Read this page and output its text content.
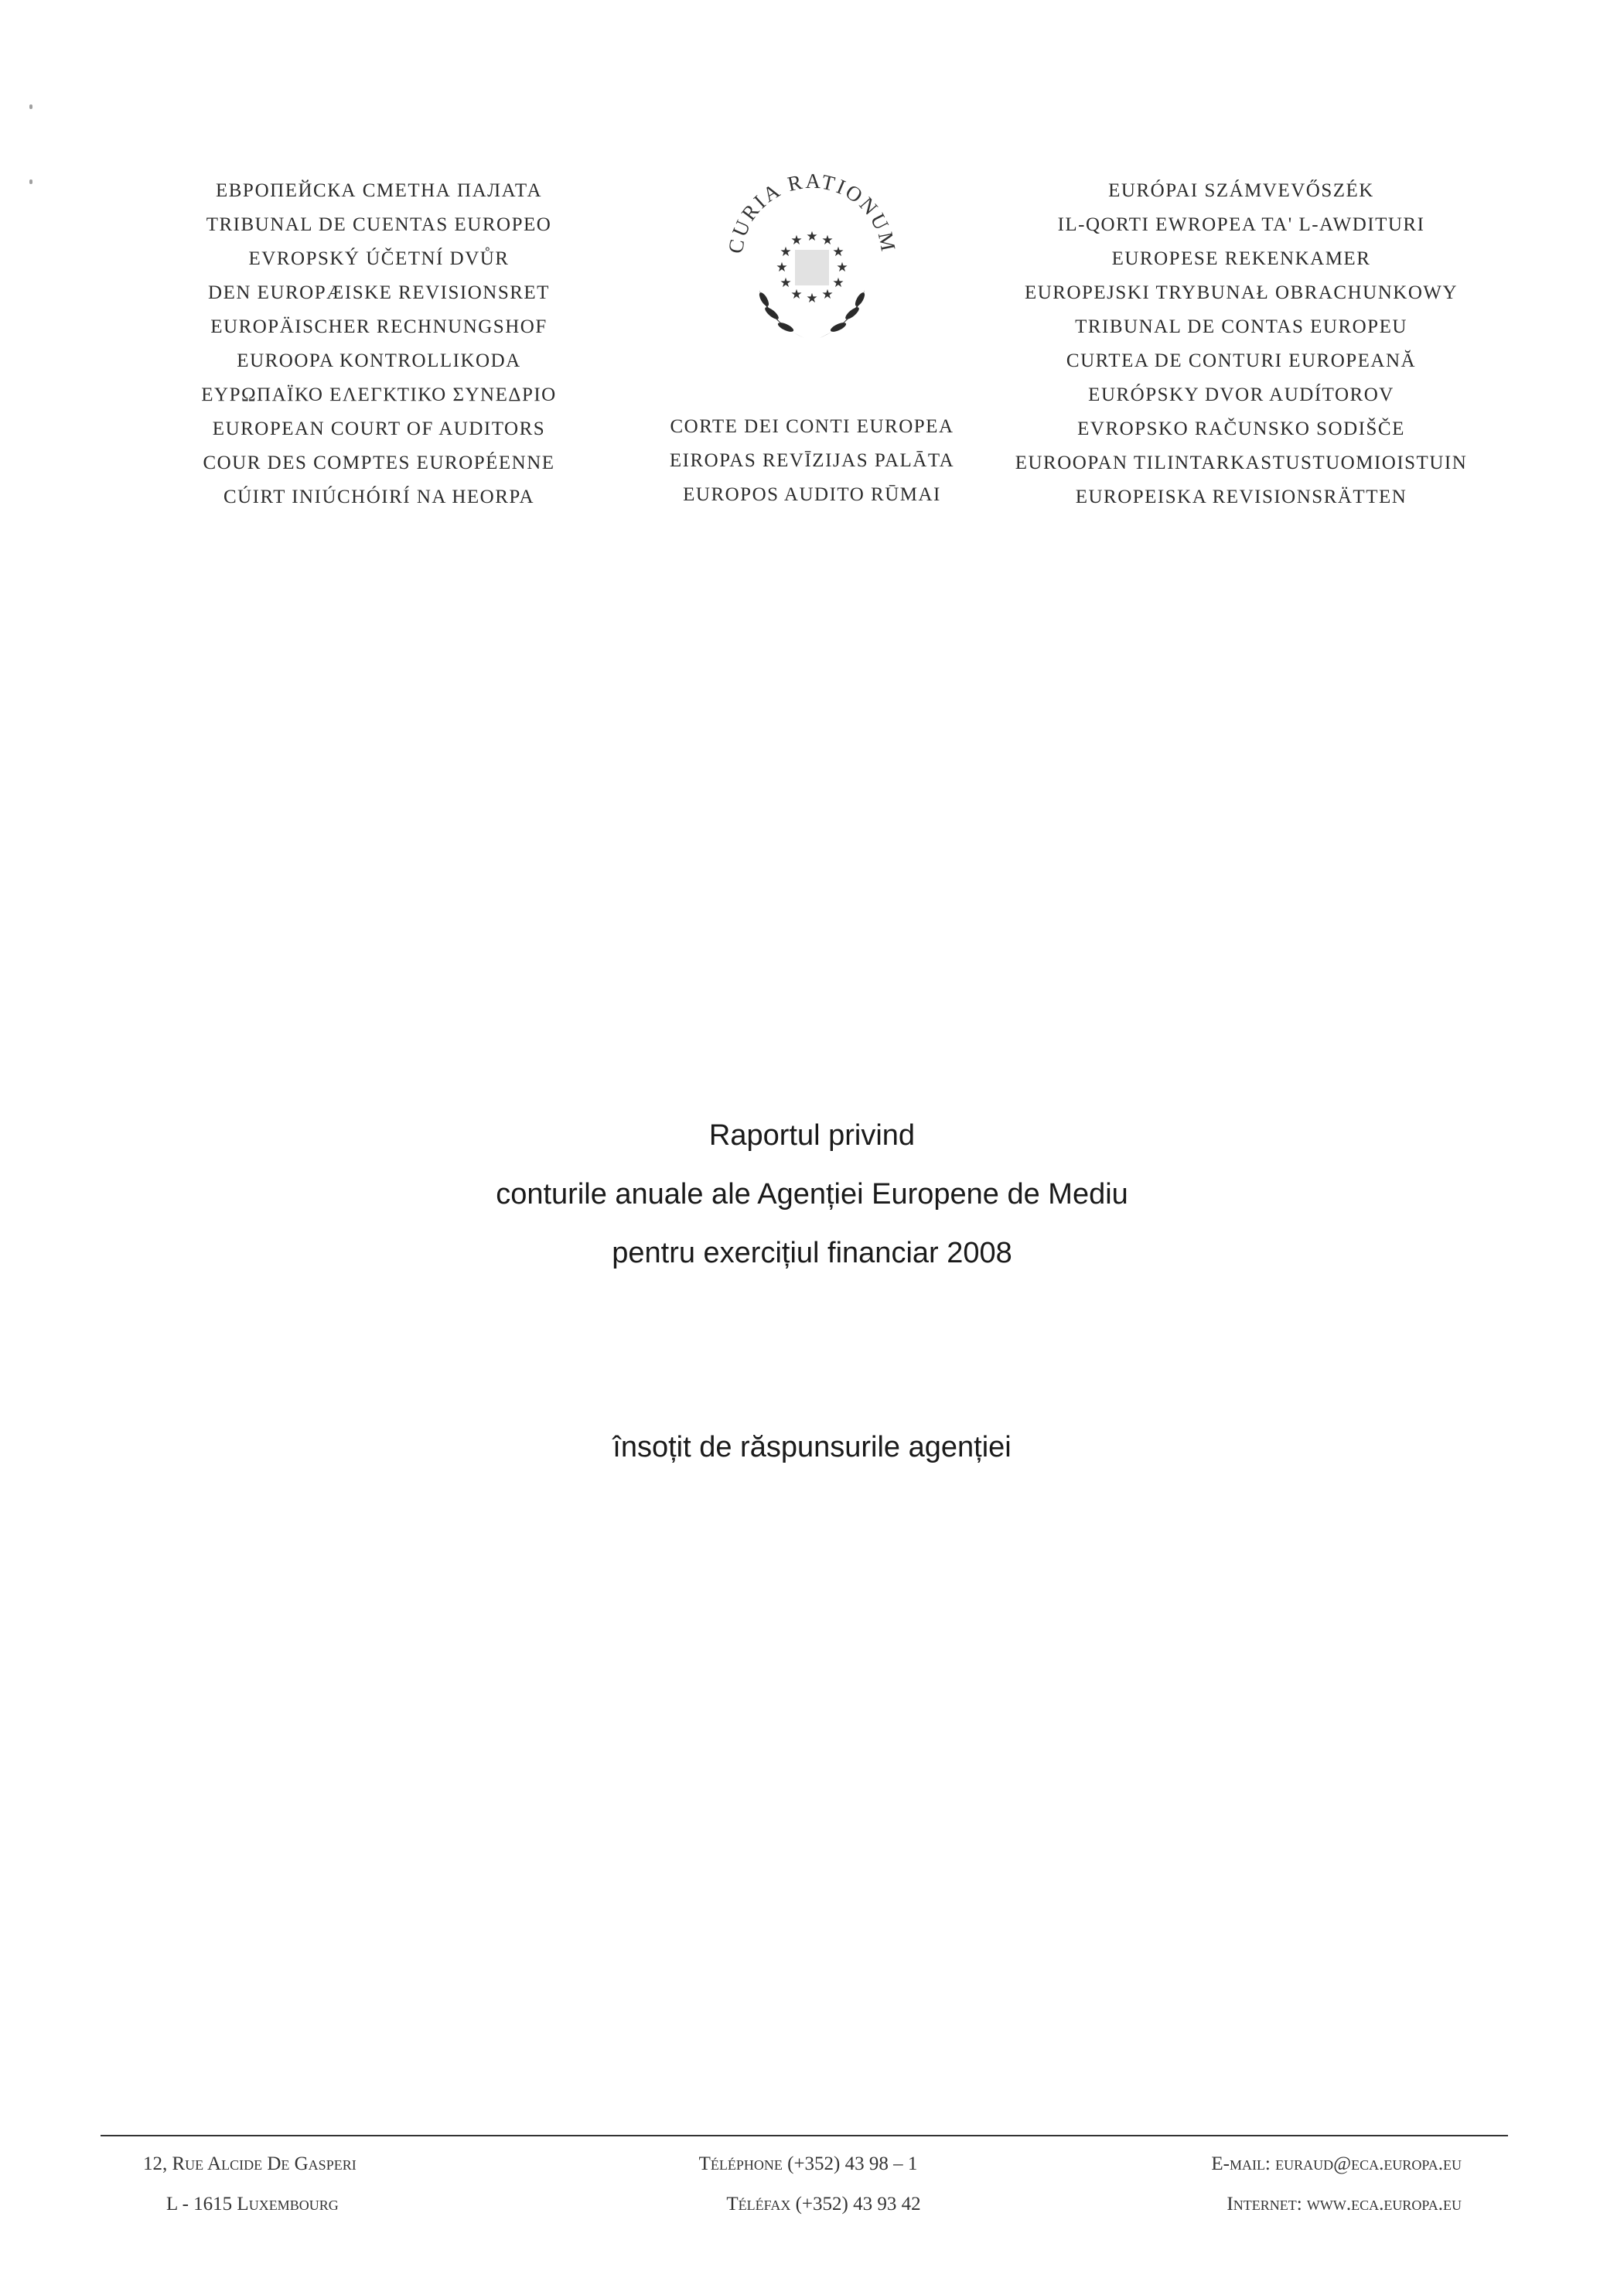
ЕВРОПЕЙСКА СМЕТНА ПАЛАТА
TRIBUNAL DE CUENTAS EUROPEO
EVROPSKÝ ÚČETNÍ DVŮR
DEN EUROPÆISKE REVISIONSRET
EUROPÄISCHER RECHNUNGSHOF
EUROOPA KONTROLLIKODA
ΕΥΡΩΠΑΪΚΟ ΕΛΕΓΚΤΙΚΟ ΣΥΝΕΔΡΙΟ
EUROPEAN COURT OF AUDITORS
COUR DES COMPTES EUROPÉENNE
CÚIRT INIÚCHÓIRÍ NA HEORPA
CURIA RATIONUM
★ ★
★
★
★
★
★
★
★
★
★
★
CORTE DEI CONTI EUROPEA
EIROPAS REVĪZIJAS PALĀTA
EUROPOS AUDITO RŪMAI
EURÓPAI SZÁMVEVŐSZÉK
IL-QORTI EWROPEA TA' L-AWDITURI
EUROPESE REKENKAMER
EUROPEJSKI TRYBUNAŁ OBRACHUNKOWY
TRIBUNAL DE CONTAS EUROPEU
CURTEA DE CONTURI EUROPEANĂ
EURÓPSKY DVOR AUDÍTOROV
EVROPSKO RAČUNSKO SODIŠČE
EUROOPAN TILINTARKASTUSTUOMIOISTUIN
EUROPEISKA REVISIONSRÄTTEN
Raportul privind
conturile anuale ale Agenției Europene de Mediu
pentru exercițiul financiar 2008
însoțit de răspunsurile agenției
12, Rue Alcide De Gasperi
L - 1615 Luxembourg
Téléphone (+352) 43 98 – 1
Téléfax (+352) 43 93 42
E-mail: euraud@eca.europa.eu
Internet: www.eca.europa.eu
